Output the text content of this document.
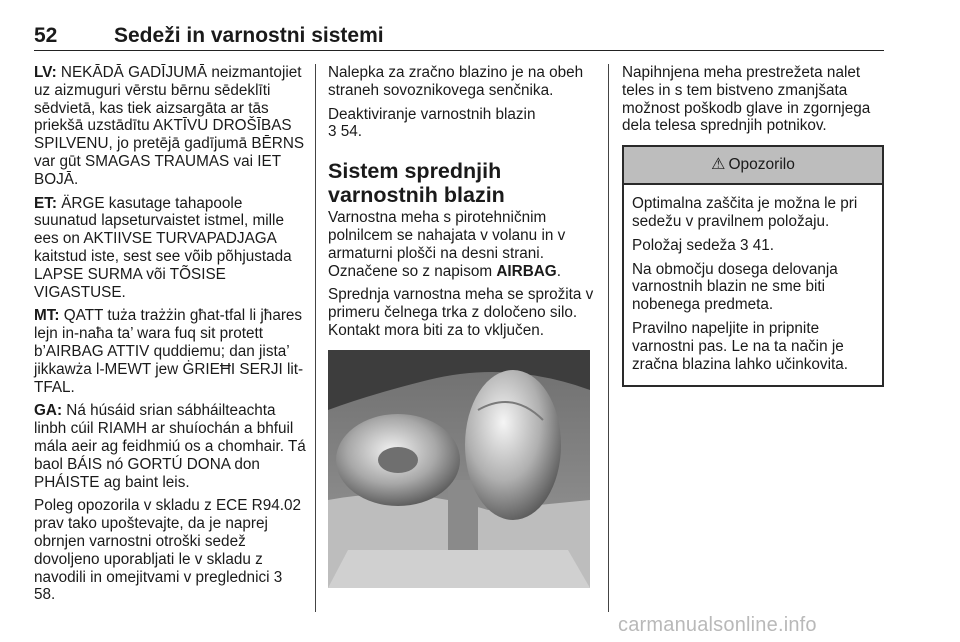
52	Sedeži in varnostni sistemi

LV: NEKĀDĀ GADĪJUMĀ neizmantojiet uz aizmuguri vērstu bērnu sēdeklīti sēdvietā, kas tiek aizsargāta ar tās priekšā uzstādītu AKTĪVU DROŠĪBAS SPILVENU, jo pretējā gadījumā BĒRNS var gūt SMAGAS TRAUMAS vai IET BOJĀ.

ET: ÄRGE kasutage tahapoole suunatud lapseturvaistet istmel, mille ees on AKTIIVSE TURVAPADJAGA kaitstud iste, sest see võib põhjustada LAPSE SURMA või TÕSISE VIGASTUSE.

MT: QATT tuża trażżin għat-tfal li jħares lejn in-naħa ta’ wara fuq sit protett b’AIRBAG ATTIV quddiemu; dan jista’ jikkawża l-MEWT jew ĠRIEĦI SERJI lit-TFAL.

GA: Ná húsáid srian sábháilteachta linbh cúil RIAMH ar shuíochán a bhfuil mála aeir ag feidhmiú os a chomhair. Tá baol BÁIS nó GORTÚ DONA don PHÁISTE ag baint leis.

Poleg opozorila v skladu z ECE R94.02 prav tako upoštevajte, da je naprej obrnjen varnostni otroški sedež dovoljeno uporabljati le v skladu z navodili in omejitvami v preglednici 3 58.

Nalepka za zračno blazino je na obeh straneh sovoznikovega senčnika.

Deaktiviranje varnostnih blazin
3 54.

Sistem sprednjih varnostnih blazin

Varnostna meha s pirotehničnim polnilcem se nahajata v volanu in v armaturni plošči na desni strani. Označene so z napisom AIRBAG.

Sprednja varnostna meha se sprožita v primeru čelnega trka z določeno silo. Kontakt mora biti za to vključen.

Napihnjena meha prestrežeta nalet teles in s tem bistveno zmanjšata možnost poškodb glave in zgornjega dela telesa sprednjih potnikov.

⚠ Opozorilo

Optimalna zaščita je možna le pri sedežu v pravilnem položaju.

Položaj sedeža 3 41.

Na območju dosega delovanja varnostnih blazin ne sme biti nobenega predmeta.

Pravilno napeljite in pripnite varnostni pas. Le na ta način je zračna blazina lahko učinkovita.

carmanualsonline.info
